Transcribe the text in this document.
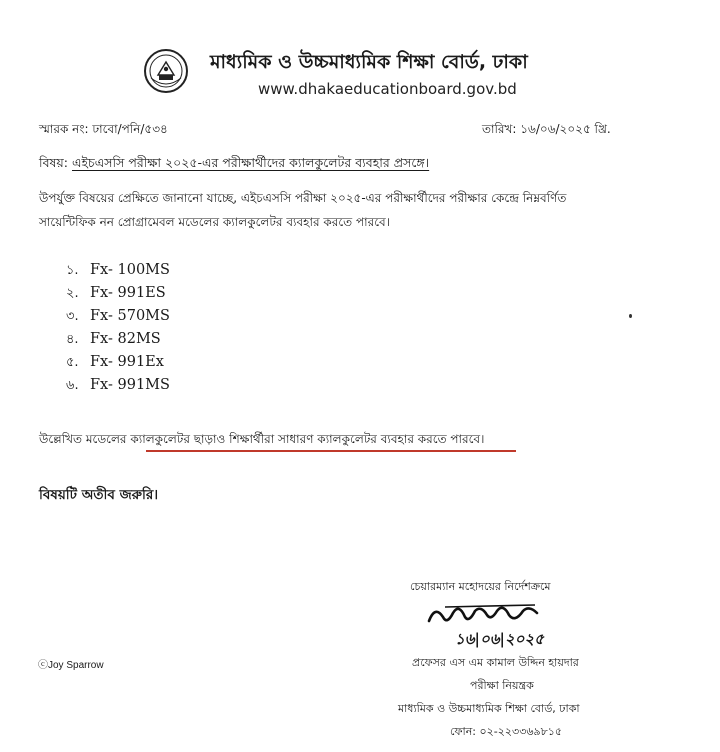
মাধ্যমিক ও উচ্চমাধ্যমিক শিক্ষা বোর্ড, ঢাকা
www.dhakaeducationboard.gov.bd
স্মারক নং: ঢাবো/পনি/৫৩৪	তারিখ: ১৬/০৬/২০২৫ খ্রি.
বিষয়: এইচএসসি পরীক্ষা ২০২৫-এর পরীক্ষার্থীদের ক্যালকুলেটর ব্যবহার প্রসঙ্গে।
উপর্যুক্ত বিষয়ের প্রেক্ষিতে জানানো যাচ্ছে, এইচএসসি পরীক্ষা ২০২৫-এর পরীক্ষার্থীদের পরীক্ষার কেন্দ্রে নিম্নবর্ণিত
সায়েন্টিফিক নন প্রোগ্রামেবল মডেলের ক্যালকুলেটর ব্যবহার করতে পারবে।
১. Fx- 100MS
২. Fx- 991ES
৩. Fx- 570MS
৪. Fx- 82MS
৫. Fx- 991Ex
৬. Fx- 991MS
উল্লেখিত মডেলের ক্যালকুলেটর ছাড়াও শিক্ষার্থীরা সাধারণ ক্যালকুলেটর ব্যবহার করতে পারবে।
বিষয়টি অতীব জরুরি।
চেয়ারম্যান মহোদয়ের নির্দেশক্রমে
১৬|০৬|২০২৫
প্রফেসর এস এম কামাল উদ্দিন হায়দার
পরীক্ষা নিয়ন্ত্রক
মাধ্যমিক ও উচ্চমাধ্যমিক শিক্ষা বোর্ড, ঢাকা
ফোন: ০২-২২৩৩৬৯৮১৫
ⓒJoy Sparrow
